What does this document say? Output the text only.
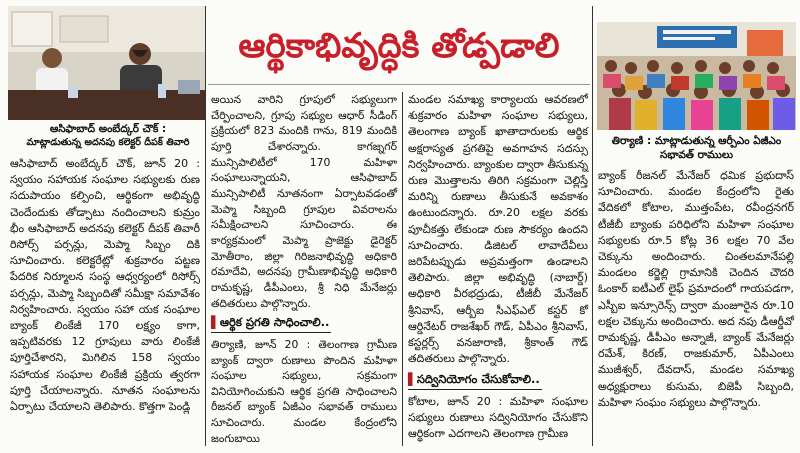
ఆసిఫాబాద్ అంబేద్కర్ చౌక్ :
మాట్లాడుతున్న అదనపు కలెక్టర్ దీపక్ తివారి
ఆర్థికాభివృద్ధికి తోడ్పడాలి
తిర్యాణి : మాట్లాడుతున్న ఆర్పీఎం ఏజీఎం
సభావత్ రాములు

ఆసిఫాబాద్ అంబేద్కర్ చౌక్, జూన్ 20 : స్వయం సహాయక సంఘాల సభ్యులకు రుణ సదుపాయం కల్పించి, ఆర్థికంగా అభివృద్ధి చెందేందుకు తోడ్పాటు నందించాలని కుమ్రం భీం ఆసిఫాబాద్ అదనపు కలెక్టర్ దీపక్ తివారీ రిసోర్స్ పర్సన్లు, మెప్మా సిబ్బం దికి సూచించారు. కలెక్టరేట్లో శుక్రవారం పట్టణ పేదరిక నిర్మూలన సంస్థ ఆధ్వర్యంలో రిసోర్స్ పర్సన్లు, మెప్మా సిబ్బందితో సమీక్షా సమావేశం నిర్వహించారు. స్వయం సహా యక సంఘాల బ్యాంక్ లింకేజీ 170 లక్ష్యం కాగా, ఇప్పటివరకు 12 గ్రూపులు వారు లింకేజీ పూర్తిచేశారని, మిగిలిన 158 స్వయం సహాయక సంఘాల లింకేజీ ప్రక్రియ త్వరగా పూర్తి చేయాలన్నారు. నూతన సంఘాలను ఏర్పాటు చేయాలని తెలిపారు. కొత్తగా పెండ్లి

అయిన వారిని గ్రూపులో సభ్యులుగా చేర్పించాలని, గ్రూపు సభ్యుల ఆధార్ సీడింగ్ ప్రక్రియలో 823 మందికి గాను, 819 మందికి పూర్తి చేశారన్నారు. కాగజ్నగర్ మున్సిపాలిటీలో 170 మహిళా సంఘాలున్నాయని, ఆసిఫాబాద్ మున్సిపాలిటీ నూతనంగా ఏర్పాటవడంతో మెప్మా సిబ్బంది గ్రూపుల వివరాలను సమీక్షించాలని సూచించారు. ఈ కార్యక్రమంలో మెప్మా ప్రాజెక్టు డైరెక్టర్ మోతీరాం, జిల్లా గిరిజనాభివృద్ధి అధికారి రమాదేవి, అదనపు గ్రామీణాభివృద్ధి అధికారి రామకృష్ణ, డీపీఎంలు, శ్రీ నిధి మేనేజర్లు తదితరులు పాల్గొన్నారు.

▌ఆర్థిక ప్రగతి సాధించాలి..

తిర్యాణి, జూన్ 20 : తెలంగాణ గ్రామీణ బ్యాంక్ ద్వారా రుణాలు పొందిన మహిళా సంఘాల సభ్యులు, సక్రమంగా వినియోగించుకుని ఆర్థిక ప్రగతి సాధించాలని రీజనల్ బ్యాంక్ ఏజీఎం సభావత్ రాములు సూచించారు. మండల కేంద్రంలోని జంగుబాయి

మండల సమాఖ్య కార్యాలయ ఆవరణలో శుక్రవారం మహిళా సంఘాల సభ్యులు, తెలంగాణ బ్యాంక్ ఖాతాదారులకు ఆర్థిక అక్షరాస్యత ప్రగతిపై అవగాహన సదస్సు నిర్వహించారు. బ్యాంకుల ద్వారా తీసుకున్న రుణ మొత్తాలను తిరిగి సక్రమంగా చెల్లిస్తే మరిన్ని రుణాలు తీసుకునే అవకాశం ఉంటుందన్నారు. రూ.20 లక్షల వరకు పూచీకత్తు లేకుండా రుణ సౌకర్యం ఉందని సూచించారు. డిజిటల్ లావాదేవీలు జరిపేటప్పుడు అప్రమత్తంగా ఉండాలని తెలిపారు. జిల్లా అభివృద్ధి (నాబార్డ్) అధికారి వీరభద్రుడు, టీజీబీ మేనేజర్ శ్రీనివాస్, ఆర్బీఐ సీఎఫ్ఎల్ కస్టర్ కో ఆర్డినేటర్ రాజశేఖర్ గౌడ్, ఏపీఎం శ్రీనివాస్, కస్టర్లర్స్ వనజారాణి, శ్రీకాంత్ గౌడ్ తదితరులు పాల్గొన్నారు.

▌సద్వినియోగం చేసుకోవాలి..

కోటాల, జూన్ 20 : మహిళా సంఘాల సభ్యులు రుణాలు సద్వినియోగం చేసుకొని ఆర్థికంగా ఎదగాలని తెలంగాణ గ్రామీణ

బ్యాంక్ రీజనల్ మేనేజర్ ధమిక ప్రభుదాస్ సూచించారు. మండల కేంద్రంలోని రైతు వేదికలో కోటాల, ముత్తంపేట, రవీంద్రనగర్ టీజీబీ బ్యాంకు పరిధిలోని మహిళా సంఘాల సభ్యులకు రూ.5 కోట్ల 36 లక్షల 70 వేల చెక్కును అందించారు. చింతలమానేపల్లి మండలం కర్జెల్లి గ్రామానికి చెందిన చౌదరి ఓంకార్ ఐటీఎల్ లైఫ్ ప్రమాదంలో గాయపడగా, ఎస్బీఐ ఇన్సూరెన్స్ ద్వారా మంజూరైన రూ.10 లక్షల చెక్కును అందించారు. అద నపు డీఆర్డీవో రామకృష్ణ, డీపీఎం అన్నాజీ, బ్యాంక్ మేనేజర్లు రమేశ్, కిరణ్, రాజకుమార్, ఏపీఎంలు ముజీశ్వర్, దేవదాస్, మండల సమాఖ్య అధ్యక్షురాలు కుసుమ, బిజెపీ సిబ్బంది, మహిళా సంఘం సభ్యులు పాల్గొన్నారు.
